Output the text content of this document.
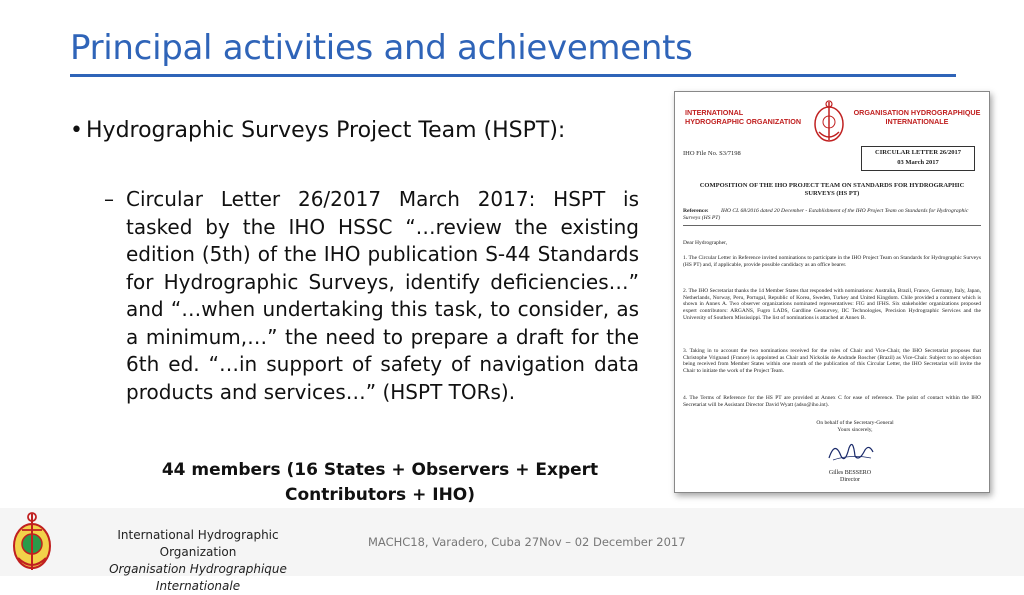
Principal activities and achievements
• Hydrographic Surveys Project Team (HSPT):
– Circular Letter 26/2017 March 2017: HSPT is tasked by the IHO HSSC “…review the existing edition (5th) of the IHO publication S-44 Standards for Hydrographic Surveys, identify deficiencies…” and “…when undertaking this task, to consider, as a minimum,…” the need to prepare a draft for the 6th ed. “…in support of safety of navigation data products and services…” (HSPT TORs).
44 members (16 States + Observers + Expert
Contributors + IHO)
INTERNATIONAL HYDROGRAPHIC ORGANIZATION
ORGANISATION HYDROGRAPHIQUE INTERNATIONALE
IHO File No. S3/7198	CIRCULAR LETTER 26/2017
03 March 2017
COMPOSITION OF THE IHO PROJECT TEAM ON STANDARDS FOR HYDROGRAPHIC SURVEYS (HS PT)
Reference: IHO CL 68/2016 dated 20 December - Establishment of the IHO Project Team on Standards for Hydrographic Surveys (HS PT)
Dear Hydrographer,
1. The Circular Letter in Reference invited nominations to participate in the IHO Project Team on Standards for Hydrographic Surveys (HS PT) and, if applicable, provide possible candidacy as an office bearer.
2. The IHO Secretariat thanks the 14 Member States that responded with nominations: Australia, Brazil, France, Germany, Italy, Japan, Netherlands, Norway, Peru, Portugal, Republic of Korea, Sweden, Turkey and United Kingdom. Chile provided a comment which is shown in Annex A. Two observer organizations nominated representatives: FIG and IFHS. Six stakeholder organizations proposed expert contributors: ARGANS, Fugro LADS, Gardline Geosurvey, IIC Technologies, Precision Hydrographic Services and the University of Southern Mississippi. The list of nominations is attached at Annex B.
3. Taking in to account the two nominations received for the roles of Chair and Vice-Chair, the IHO Secretariat proposes that Christophe Vrignaud (France) is appointed as Chair and Nickolás de Andrade Roscher (Brazil) as Vice-Chair. Subject to no objection being received from Member States within one month of the publication of this Circular Letter, the IHO Secretariat will invite the Chair to initiate the work of the Project Team.
4. The Terms of Reference for the HS PT are provided at Annex C for ease of reference. The point of contact within the IHO Secretariat will be Assistant Director David Wyatt (adso@iho.int).
On behalf of the Secretary-General
Yours sincerely,
Gilles BESSERO
Director
International Hydrographic Organization
Organisation Hydrographique Internationale
MACHC18, Varadero, Cuba 27Nov – 02 December 2017
